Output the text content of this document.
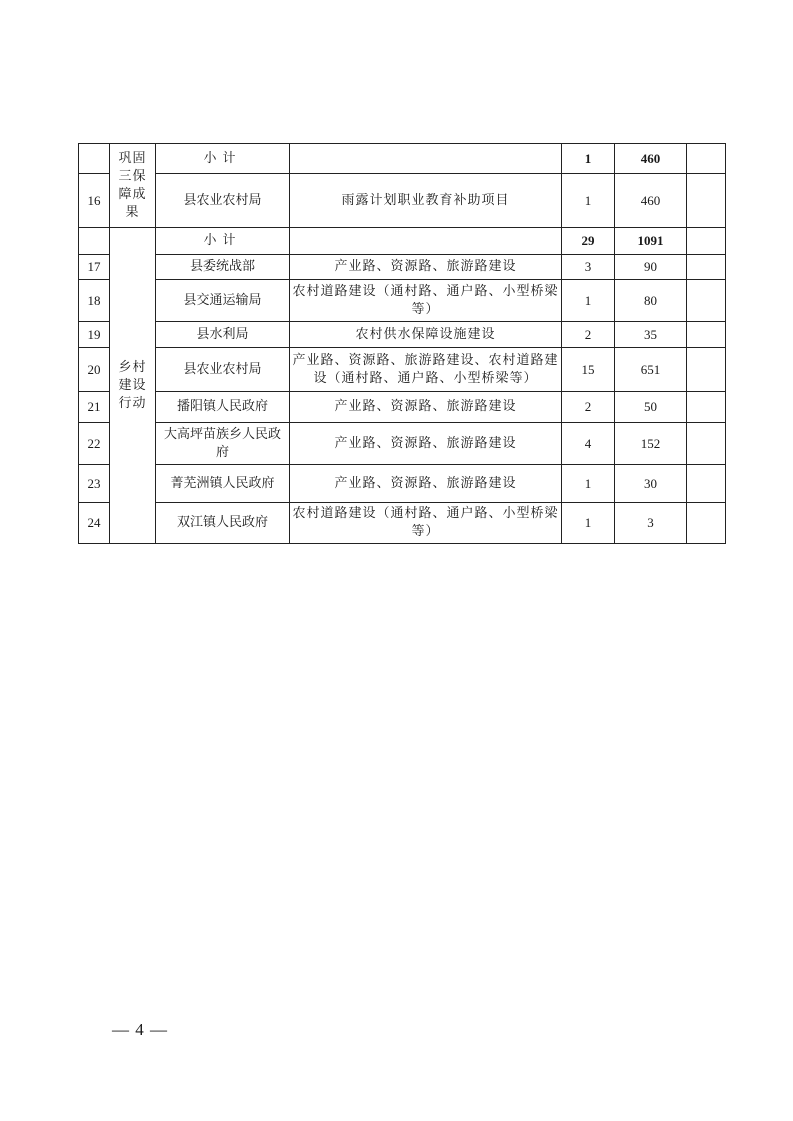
	巩固三保障成果	小计		1	460	
16		县农业农村局	雨露计划职业教育补助项目	1	460	
	乡村建设行动	小计		29	1091	
17		县委统战部	产业路、资源路、旅游路建设	3	90	
18		县交通运输局	农村道路建设（通村路、通户路、小型桥梁等）	1	80	
19		县水利局	农村供水保障设施建设	2	35	
20		县农业农村局	产业路、资源路、旅游路建设、农村道路建设（通村路、通户路、小型桥梁等）	15	651	
21		播阳镇人民政府	产业路、资源路、旅游路建设	2	50	
22		大高坪苗族乡人民政府	产业路、资源路、旅游路建设	4	152	
23		菁芜洲镇人民政府	产业路、资源路、旅游路建设	1	30	
24		双江镇人民政府	农村道路建设（通村路、通户路、小型桥梁等）	1	3	
— 4 —
